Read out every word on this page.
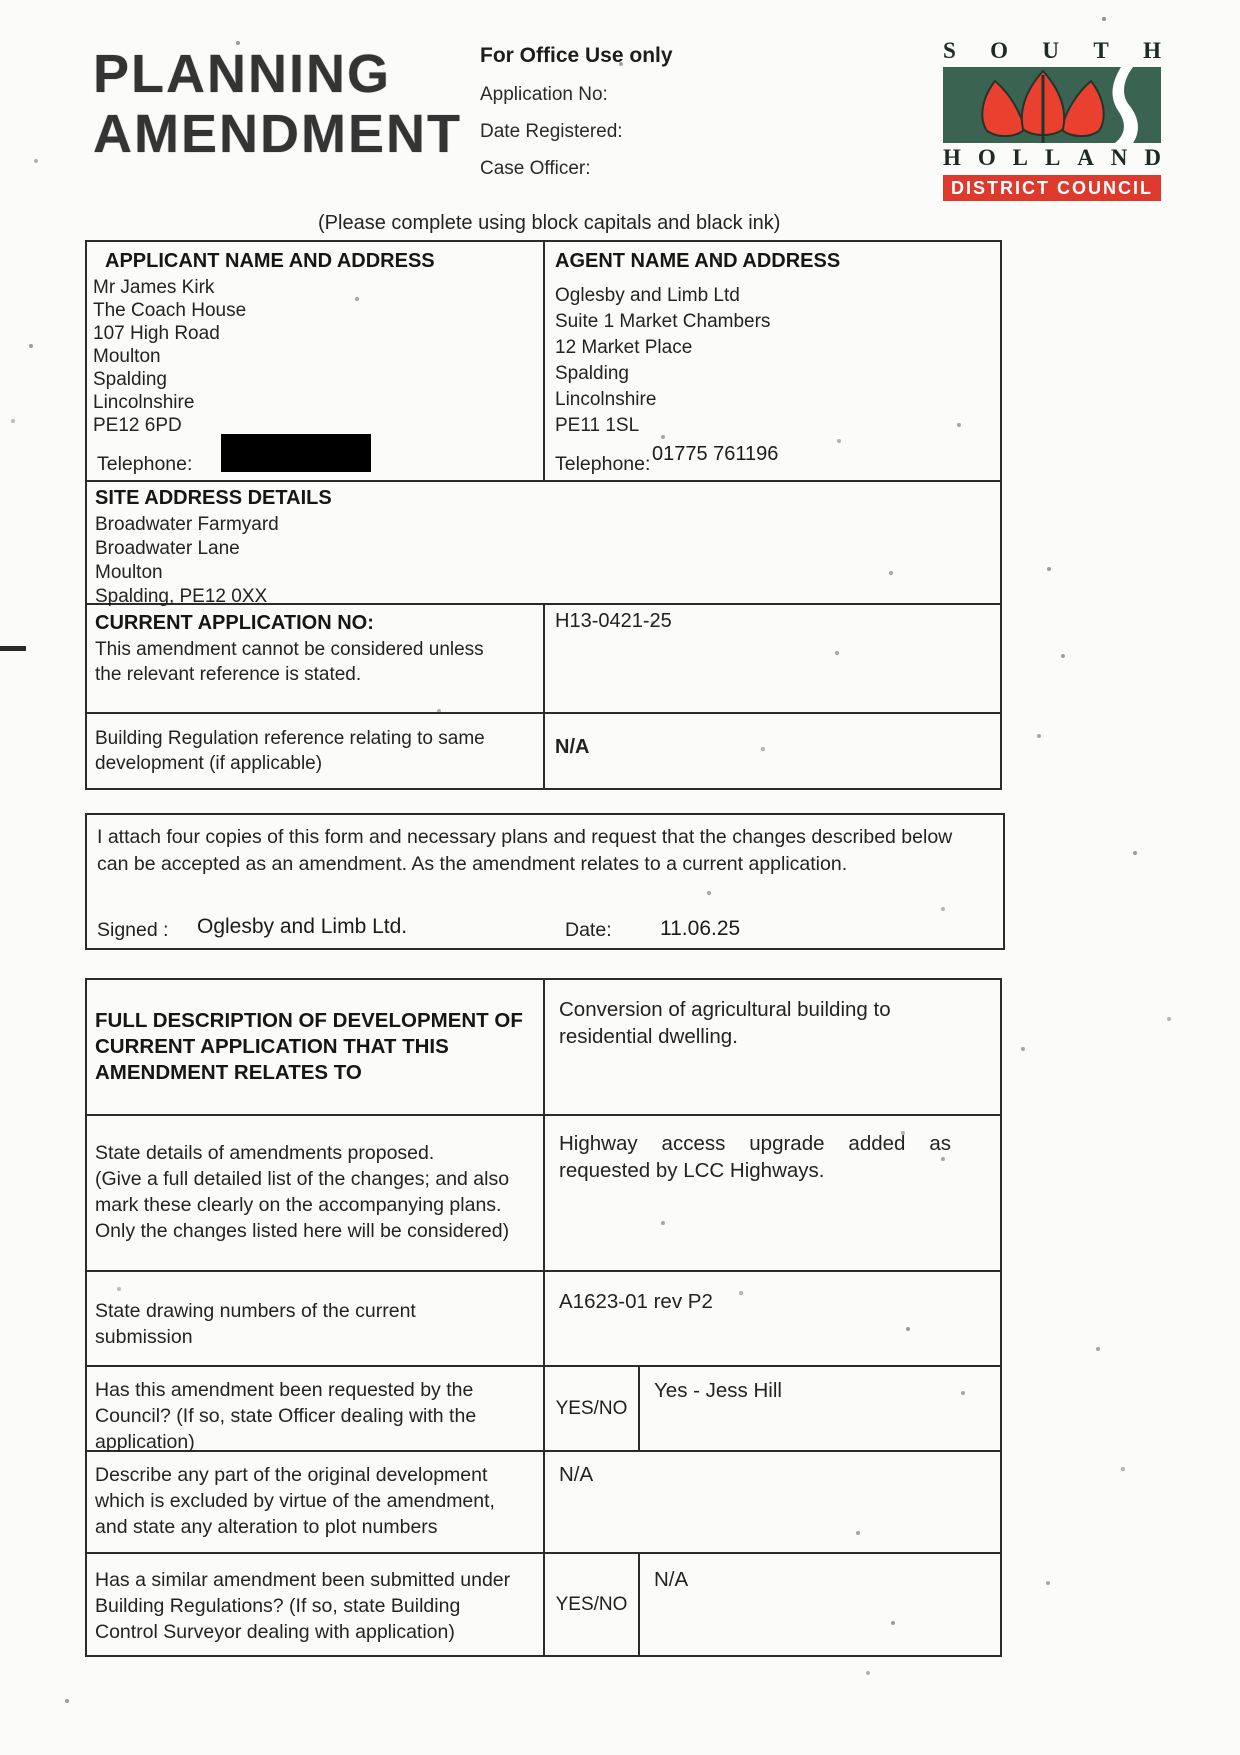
PLANNING
AMENDMENT
For Office Use only
Application No:
Date Registered:
Case Officer:
S O U T H
H O L L A N D
DISTRICT COUNCIL
(Please complete using block capitals and black ink)
APPLICANT NAME AND ADDRESS
Mr James Kirk
The Coach House
107 High Road
Moulton
Spalding
Lincolnshire
PE12 6PD
Telephone:
AGENT NAME AND ADDRESS
Oglesby and Limb Ltd
Suite 1 Market Chambers
12 Market Place
Spalding
Lincolnshire
PE11 1SL
Telephone: 01775 761196
SITE ADDRESS DETAILS
Broadwater Farmyard
Broadwater Lane
Moulton
Spalding, PE12 0XX
CURRENT APPLICATION NO:
This amendment cannot be considered unless
the relevant reference is stated.
H13-0421-25
Building Regulation reference relating to same
development (if applicable)
N/A
I attach four copies of this form and necessary plans and request that the changes described below
can be accepted as an amendment. As the amendment relates to a current application.
Signed : Oglesby and Limb Ltd.	Date: 11.06.25
FULL DESCRIPTION OF DEVELOPMENT OF
CURRENT APPLICATION THAT THIS
AMENDMENT RELATES TO
Conversion of agricultural building to
residential dwelling.
State details of amendments proposed.
(Give a full detailed list of the changes; and also
mark these clearly on the accompanying plans.
Only the changes listed here will be considered)
Highway access upgrade added as
requested by LCC Highways.
State drawing numbers of the current
submission
A1623-01 rev P2
Has this amendment been requested by the
Council? (If so, state Officer dealing with the
application)
YES/NO
Yes - Jess Hill
Describe any part of the original development
which is excluded by virtue of the amendment,
and state any alteration to plot numbers
N/A
Has a similar amendment been submitted under
Building Regulations? (If so, state Building
Control Surveyor dealing with application)
YES/NO
N/A
